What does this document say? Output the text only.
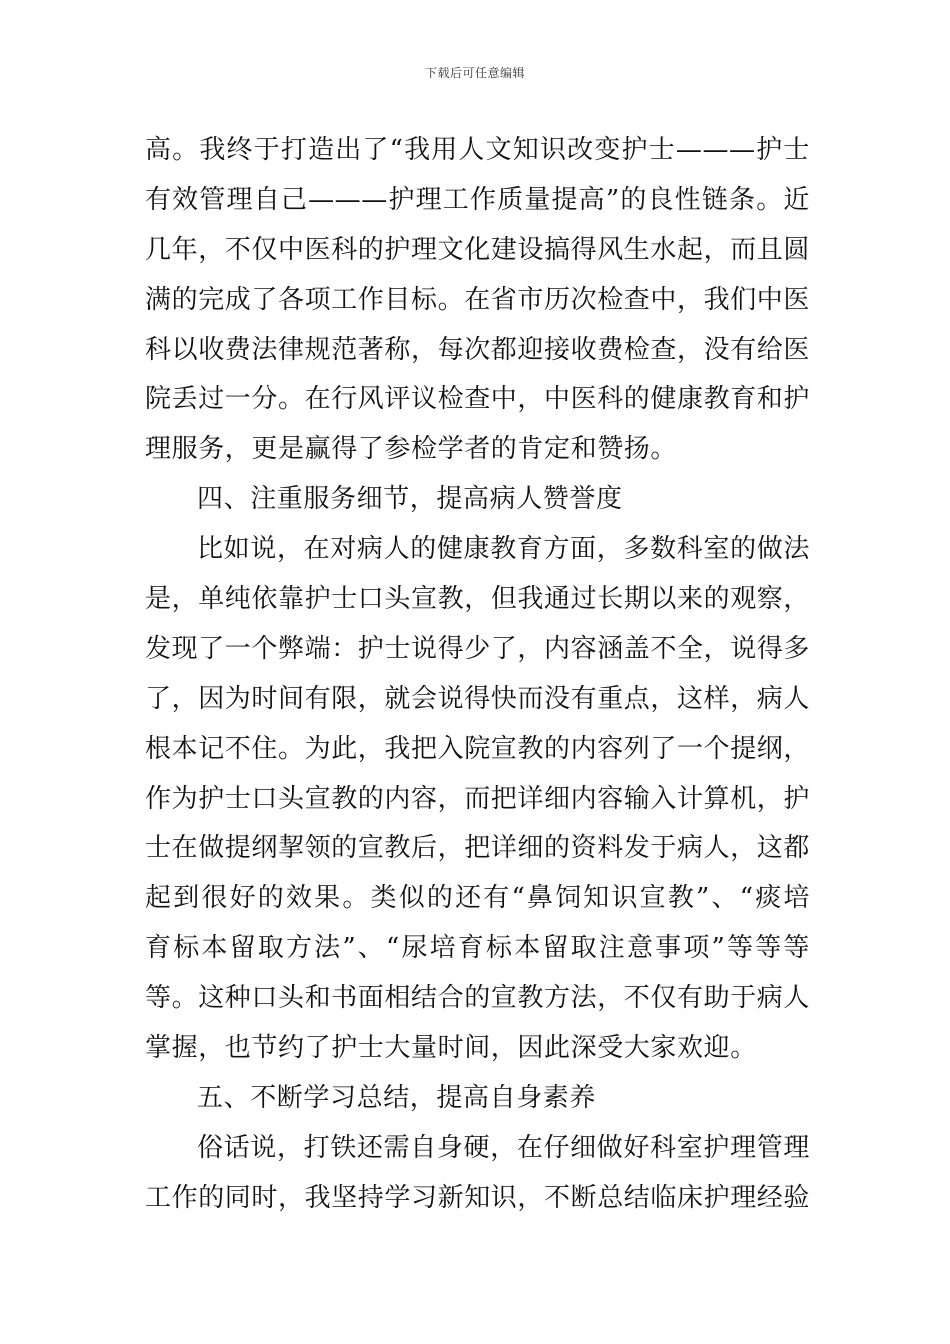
下载后可任意编辑
高。我终于打造出了“我用人文知识改变护士———护士
有效管理自己———护理工作质量提高”的良性链条。近
几年，不仅中医科的护理文化建设搞得风生水起，而且圆
满的完成了各项工作目标。在省市历次检查中，我们中医
科以收费法律规范著称，每次都迎接收费检查，没有给医
院丢过一分。在行风评议检查中，中医科的健康教育和护
理服务，更是赢得了参检学者的肯定和赞扬。
四、注重服务细节，提高病人赞誉度
比如说，在对病人的健康教育方面，多数科室的做法
是，单纯依靠护士口头宣教，但我通过长期以来的观察，
发现了一个弊端：护士说得少了，内容涵盖不全，说得多
了，因为时间有限，就会说得快而没有重点，这样，病人
根本记不住。为此，我把入院宣教的内容列了一个提纲，
作为护士口头宣教的内容，而把详细内容输入计算机，护
士在做提纲挈领的宣教后，把详细的资料发于病人，这都
起到很好的效果。类似的还有“鼻饲知识宣教”、“痰培
育标本留取方法”、“尿培育标本留取注意事项”等等等
等。这种口头和书面相结合的宣教方法，不仅有助于病人
掌握，也节约了护士大量时间，因此深受大家欢迎。
五、不断学习总结，提高自身素养
俗话说，打铁还需自身硬，在仔细做好科室护理管理
工作的同时，我坚持学习新知识，不断总结临床护理经验
